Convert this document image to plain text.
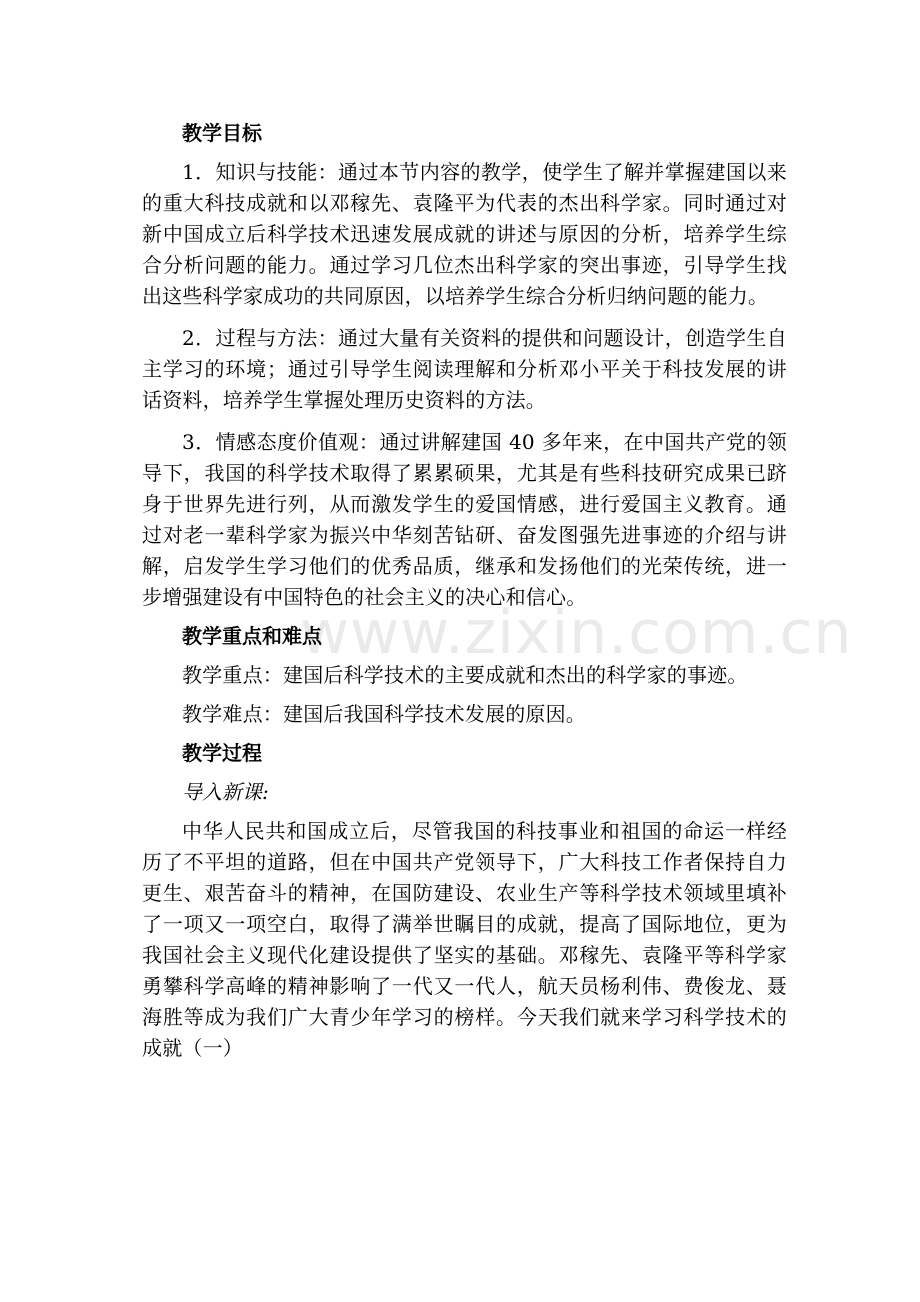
www.zixin.com.cn
教学目标

1．知识与技能：通过本节内容的教学，使学生了解并掌握建国以来的重大科技成就和以邓稼先、袁隆平为代表的杰出科学家。同时通过对新中国成立后科学技术迅速发展成就的讲述与原因的分析，培养学生综合分析问题的能力。通过学习几位杰出科学家的突出事迹，引导学生找出这些科学家成功的共同原因，以培养学生综合分析归纳问题的能力。

2．过程与方法：通过大量有关资料的提供和问题设计，创造学生自主学习的环境；通过引导学生阅读理解和分析邓小平关于科技发展的讲话资料，培养学生掌握处理历史资料的方法。

3．情感态度价值观：通过讲解建国 40 多年来，在中国共产党的领导下，我国的科学技术取得了累累硕果，尤其是有些科技研究成果已跻身于世界先进行列，从而激发学生的爱国情感，进行爱国主义教育。通过对老一辈科学家为振兴中华刻苦钻研、奋发图强先进事迹的介绍与讲解，启发学生学习他们的优秀品质，继承和发扬他们的光荣传统，进一步增强建设有中国特色的社会主义的决心和信心。

教学重点和难点

教学重点：建国后科学技术的主要成就和杰出的科学家的事迹。

教学难点：建国后我国科学技术发展的原因。

教学过程

导入新课:

中华人民共和国成立后，尽管我国的科技事业和祖国的命运一样经历了不平坦的道路，但在中国共产党领导下，广大科技工作者保持自力更生、艰苦奋斗的精神，在国防建设、农业生产等科学技术领域里填补了一项又一项空白，取得了满举世瞩目的成就，提高了国际地位，更为我国社会主义现代化建设提供了坚实的基础。邓稼先、袁隆平等科学家勇攀科学高峰的精神影响了一代又一代人，航天员杨利伟、费俊龙、聂海胜等成为我们广大青少年学习的榜样。今天我们就来学习科学技术的成就（一）
